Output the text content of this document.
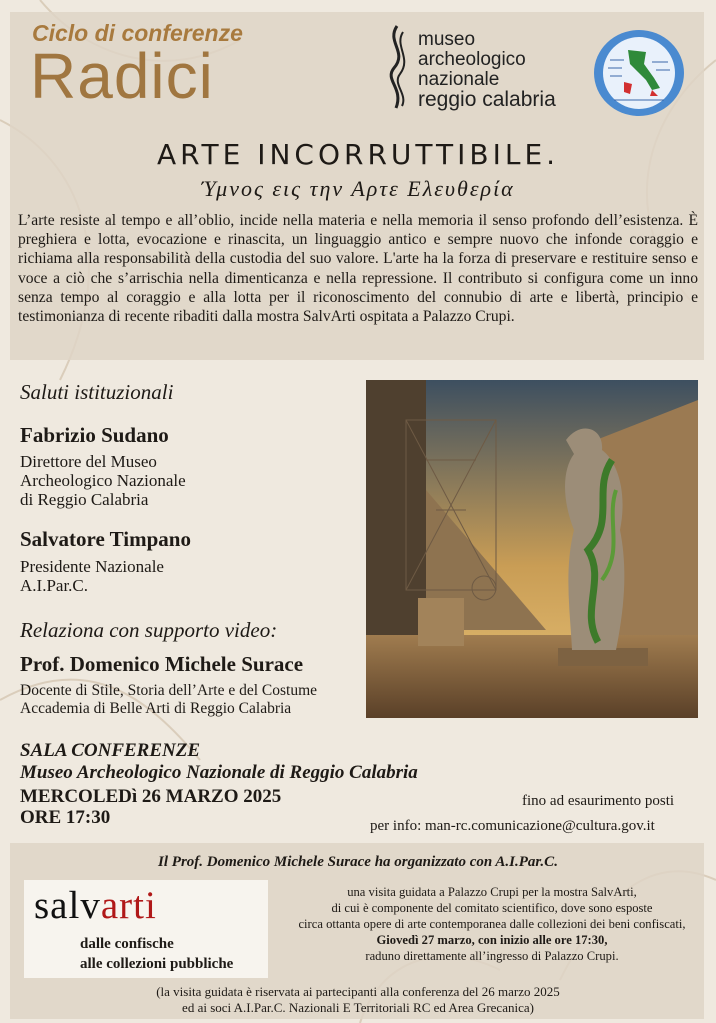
Ciclo di conferenze
Radici
museo
archeologico
nazionale
reggio calabria
ARTE INCORRUTTIBILE.
Ύμνος εις την Αρτε Ελευθερία
L’arte resiste al tempo e all’oblio, incide nella materia e nella memoria il senso profondo dell’esistenza. È preghiera e lotta, evocazione e rinascita, un linguaggio antico e sempre nuovo che infonde coraggio e richiama alla responsabilità della custodia del suo valore. L'arte ha la forza di preservare e restituire senso e voce a ciò che s’arrischia nella dimenticanza e nella repressione. Il contributo si configura come un inno senza tempo al coraggio e alla lotta per il riconoscimento del connubio di arte e libertà, principio e testimonianza di recente ribaditi dalla mostra SalvArti ospitata a Palazzo Crupi.
Saluti istituzionali
Fabrizio Sudano
Direttore del Museo
Archeologico Nazionale
di Reggio Calabria
Salvatore Timpano
Presidente Nazionale
A.I.Par.C.
Relaziona con supporto video:
Prof. Domenico Michele Surace
Docente di Stile, Storia dell’Arte e del Costume
Accademia di Belle Arti di Reggio Calabria
SALA CONFERENZE
Museo Archeologico Nazionale di Reggio Calabria
MERCOLEDì 26 MARZO 2025
ORE 17:30
fino ad esaurimento posti
per info: man-rc.comunicazione@cultura.gov.it
Il Prof. Domenico Michele Surace ha organizzato con A.I.Par.C.
salvarti
dalle confische
alle collezioni pubbliche
una visita guidata a Palazzo Crupi per la mostra SalvArti,
di cui è componente del comitato scientifico, dove sono esposte
circa ottanta opere di arte contemporanea dalle collezioni dei beni confiscati,
Giovedì 27 marzo, con inizio alle ore 17:30,
raduno direttamente all’ingresso di Palazzo Crupi.
(la visita guidata è riservata ai partecipanti alla conferenza del 26 marzo 2025
ed ai soci A.I.Par.C. Nazionali E Territoriali RC ed Area Grecanica)
